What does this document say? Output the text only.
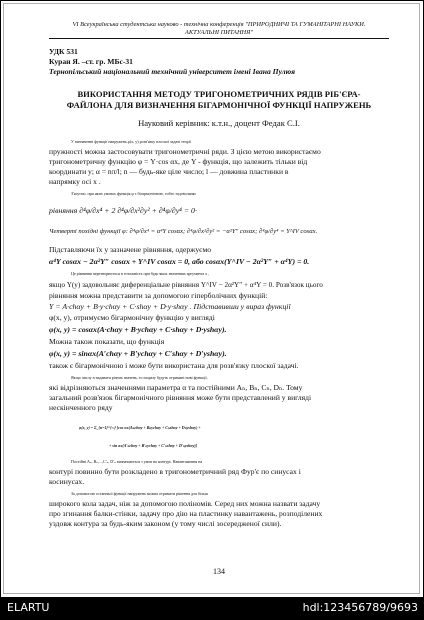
VI Всеукраїнська студентська науково - технічна конференція "ПРИРОДНИЧІ ТА ГУМАНІТАРНІ НАУКИ.
АКТУАЛЬНІ ПИТАННЯ"
УДК 531
Куран Я. –ст. гр. МБс-31
Тернопільський національний технічний університет імені Івана Пулюя
ВИКОРИСТАННЯ МЕТОДУ ТРИГОНОМЕТРИЧНИХ РЯДІВ РІБ'ЄРА-
ФАЙЛОНА ДЛЯ ВИЗНАЧЕННЯ БІГАРМОНІЧНОЇ ФУНКЦІЇ НАПРУЖЕНЬ
Науковий керівник: к.т.н., доцент Федак С.І.
У визначенні функції напружень φ(x, y) розв'язку плоскої задачі теорії
пружності можна застосовувати тригонометричні ряди. З цією метою використаємо
тригонометричну функцію φ = Y·cos αx, де Y - функція, що залежить тільки від
координати y; α = nπ/l; n — будь-яке ціле число; l — довжина пластинки в
напрямку осі x .
З'ясуємо, при яких умовах функція φ є бігармонічною, тобто задовольняє
рівняння ∂⁴φ/∂x⁴ + 2 ∂⁴φ/∂x²∂y² + ∂⁴φ/∂y⁴ = 0·
Четверті похідні функції φ: ∂⁴φ/∂x⁴ = α⁴Y cosαx; ∂⁴φ/∂x²∂y² = −α²Y″ cosαx; ∂⁴φ/∂y⁴ = Y^IV cosαx.
Підставляючи їх у зазначене рівняння, одержуємо
α⁴Y cosαx − 2α²Y″ cosαx + Y^IV cosαx = 0, або cosαx(Y^IV − 2α²Y″ + α⁴Y) = 0.
Це рівняння перетворюється в тотожність при будь-яких значеннях аргумента x ,
якщо Y(y) задовольняє диференціальне рівняння Y^IV − 2α²Y″ + α⁴Y = 0. Розв'язок цього
рівняння можна представити за допомогою гіперболічних функцій:
Y = A·chαy + B·y·chαy + C·shαy + D·y·shαy . Підставивши у вираз функції
φ(x, y), отримуємо бігармонічну функцію у вигляді
φ(x, y) = cosαx(A·chαy + B·ychαy + C·shαy + D·yshαy).
Можна також показати, що функція
φ(x, y) = sinαx(A′chαy + B′ychαy + C′shαy + D′yshαy).
також є бігармонічною і може бути використана для розв'язку плоскої задачі.
Якщо числу n надавати різних значень, то шоразу будуть отримані нові функції,
які відрізняються значеннями параметра α та постійними Aₙ, Bₙ, Cₙ, Dₙ. Тому
загальний розв'язок бігармонічного рівняння може бути представлений у вигляді
нескінченного ряду
φ(x, y) = Σ_{n=1}^{∞} [cos αx(Aₙchαy + Bₙychαy + Cₙshαy + Dₙyshαy) +
+ sin αx(A′ₙchαy + B′ₙychαy + C′ₙshαy + D′ₙyshαy)]
Постійні Aₙ, Bₙ,...,C′ₙ, D′ₙ визначаються з умов на контурі. Навантаження на
контурі повинно бути розкладено в тригонометричний ряд Фур'є по синусах і
косинусах.
За допомогою останньої функції напружень можна отримати рішення для більш
широкого кола задач, ніж за допомогою поліномів. Серед них можна назвати задачу
про згинання балки-стінки, задачу про дію на пластинку навантажень, розподілених
уздовж контура за будь-яким законом (у тому числі зосередженої сили).
134
ELARTU	hdl:123456789/9693
